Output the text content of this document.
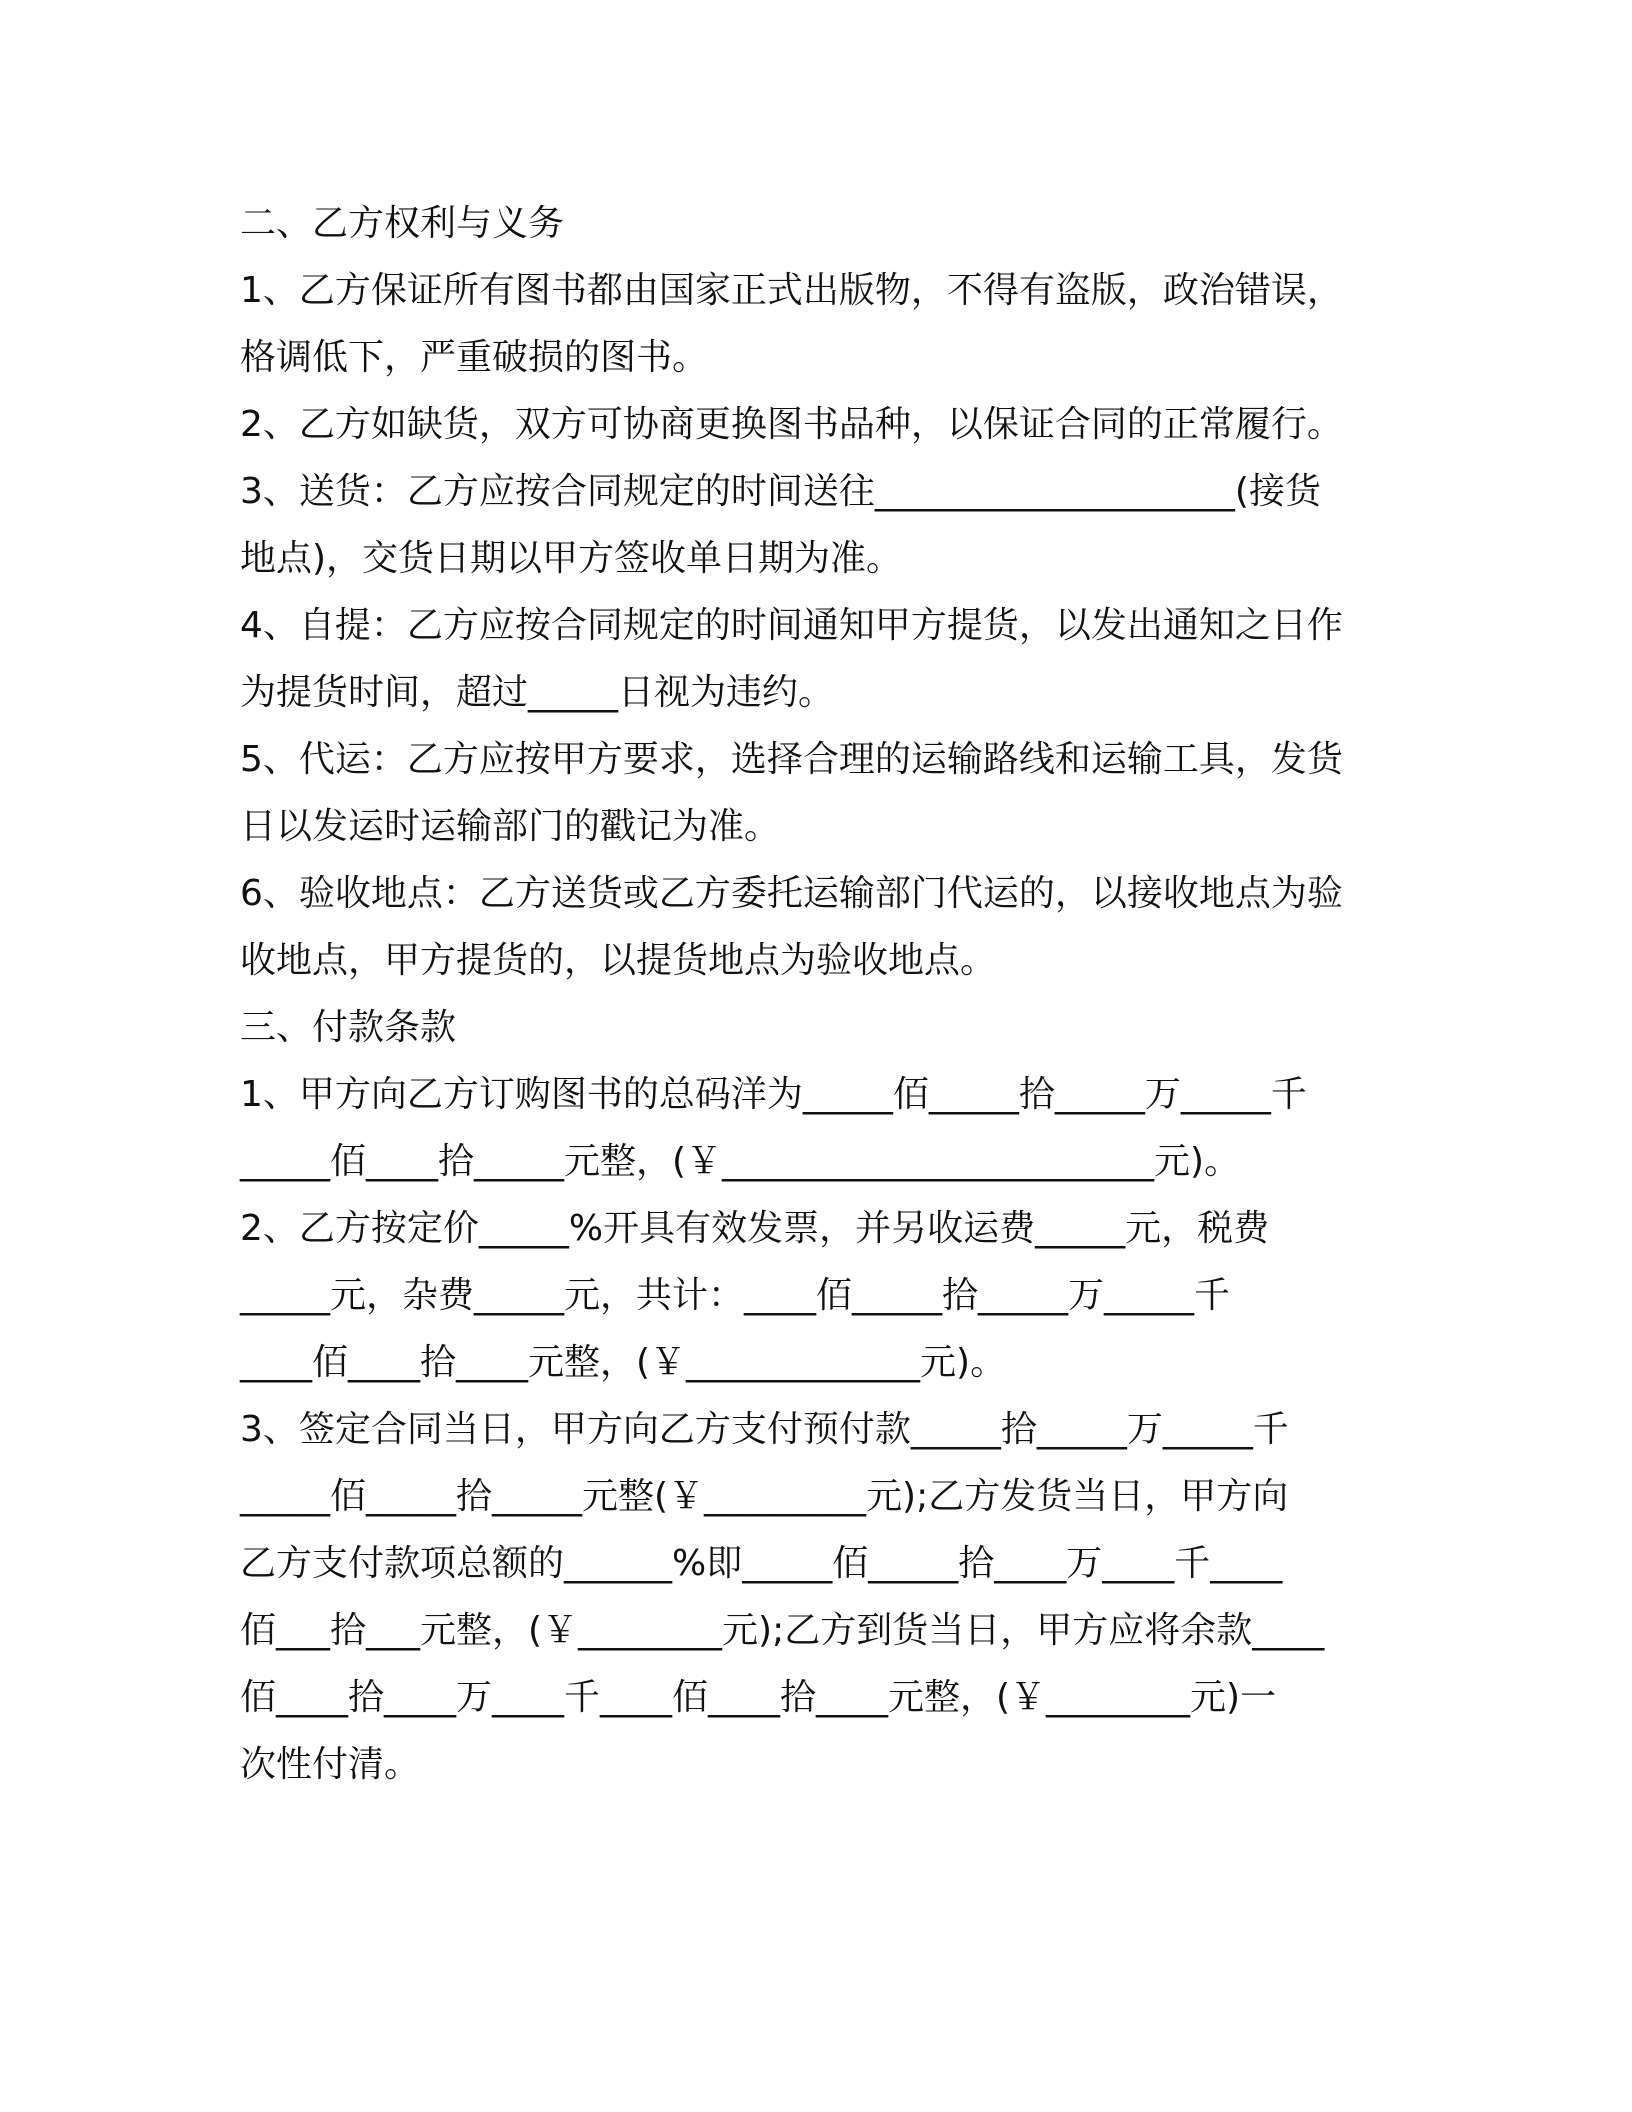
二、乙方权利与义务
1、乙方保证所有图书都由国家正式出版物，不得有盗版，政治错误，
格调低下，严重破损的图书。
2、乙方如缺货，双方可协商更换图书品种，以保证合同的正常履行。
3、送货：乙方应按合同规定的时间送往____________________(接货
地点)，交货日期以甲方签收单日期为准。
4、自提：乙方应按合同规定的时间通知甲方提货，以发出通知之日作
为提货时间，超过_____日视为违约。
5、代运：乙方应按甲方要求，选择合理的运输路线和运输工具，发货
日以发运时运输部门的戳记为准。
6、验收地点：乙方送货或乙方委托运输部门代运的，以接收地点为验
收地点，甲方提货的，以提货地点为验收地点。
三、付款条款
1、甲方向乙方订购图书的总码洋为_____佰_____拾_____万_____千
_____佰____拾_____元整，(￥________________________元)。
2、乙方按定价_____%开具有效发票，并另收运费_____元，税费
_____元，杂费_____元，共计：____佰_____拾_____万_____千
____佰____拾____元整，(￥_____________元)。
3、签定合同当日，甲方向乙方支付预付款_____拾_____万_____千
_____佰_____拾_____元整(￥_________元);乙方发货当日，甲方向
乙方支付款项总额的______%即_____佰_____拾____万____千____
佰___拾___元整，(￥________元);乙方到货当日，甲方应将余款____
佰____拾____万____千____佰____拾____元整，(￥________元)一
次性付清。
